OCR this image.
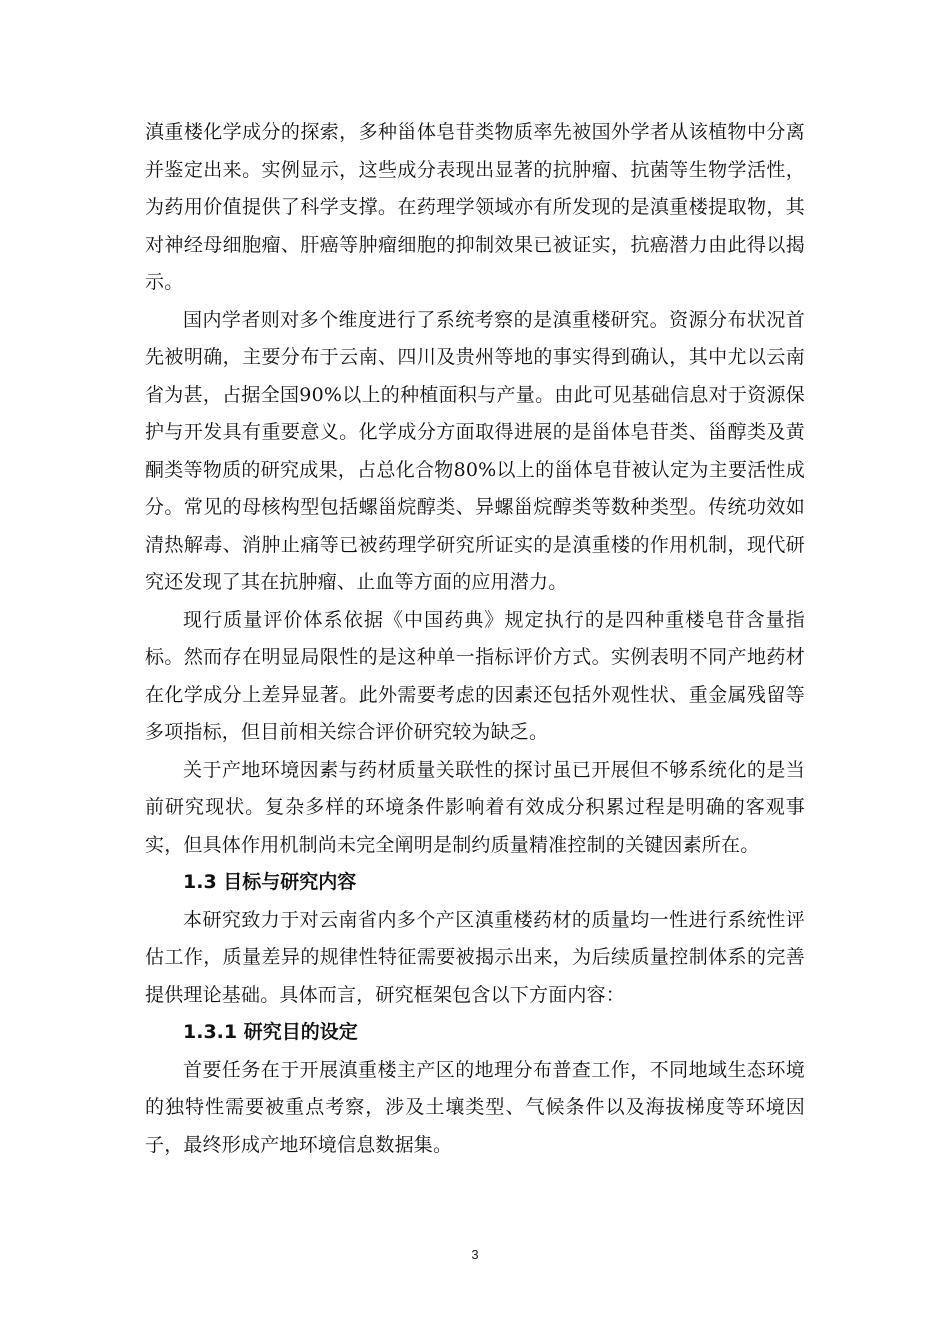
滇重楼化学成分的探索，多种甾体皂苷类物质率先被国外学者从该植物中分离并鉴定出来。实例显示，这些成分表现出显著的抗肿瘤、抗菌等生物学活性，为药用价值提供了科学支撑。在药理学领域亦有所发现的是滇重楼提取物，其对神经母细胞瘤、肝癌等肿瘤细胞的抑制效果已被证实，抗癌潜力由此得以揭示。

国内学者则对多个维度进行了系统考察的是滇重楼研究。资源分布状况首先被明确，主要分布于云南、四川及贵州等地的事实得到确认，其中尤以云南省为甚，占据全国90%以上的种植面积与产量。由此可见基础信息对于资源保护与开发具有重要意义。化学成分方面取得进展的是甾体皂苷类、甾醇类及黄酮类等物质的研究成果，占总化合物80%以上的甾体皂苷被认定为主要活性成分。常见的母核构型包括螺甾烷醇类、异螺甾烷醇类等数种类型。传统功效如清热解毒、消肿止痛等已被药理学研究所证实的是滇重楼的作用机制，现代研究还发现了其在抗肿瘤、止血等方面的应用潜力。

现行质量评价体系依据《中国药典》规定执行的是四种重楼皂苷含量指标。然而存在明显局限性的是这种单一指标评价方式。实例表明不同产地药材在化学成分上差异显著。此外需要考虑的因素还包括外观性状、重金属残留等多项指标，但目前相关综合评价研究较为缺乏。

关于产地环境因素与药材质量关联性的探讨虽已开展但不够系统化的是当前研究现状。复杂多样的环境条件影响着有效成分积累过程是明确的客观事实，但具体作用机制尚未完全阐明是制约质量精准控制的关键因素所在。

1.3 目标与研究内容

本研究致力于对云南省内多个产区滇重楼药材的质量均一性进行系统性评估工作，质量差异的规律性特征需要被揭示出来，为后续质量控制体系的完善提供理论基础。具体而言，研究框架包含以下方面内容：

1.3.1 研究目的设定

首要任务在于开展滇重楼主产区的地理分布普查工作，不同地域生态环境的独特性需要被重点考察，涉及土壤类型、气候条件以及海拔梯度等环境因子，最终形成产地环境信息数据集。

3
